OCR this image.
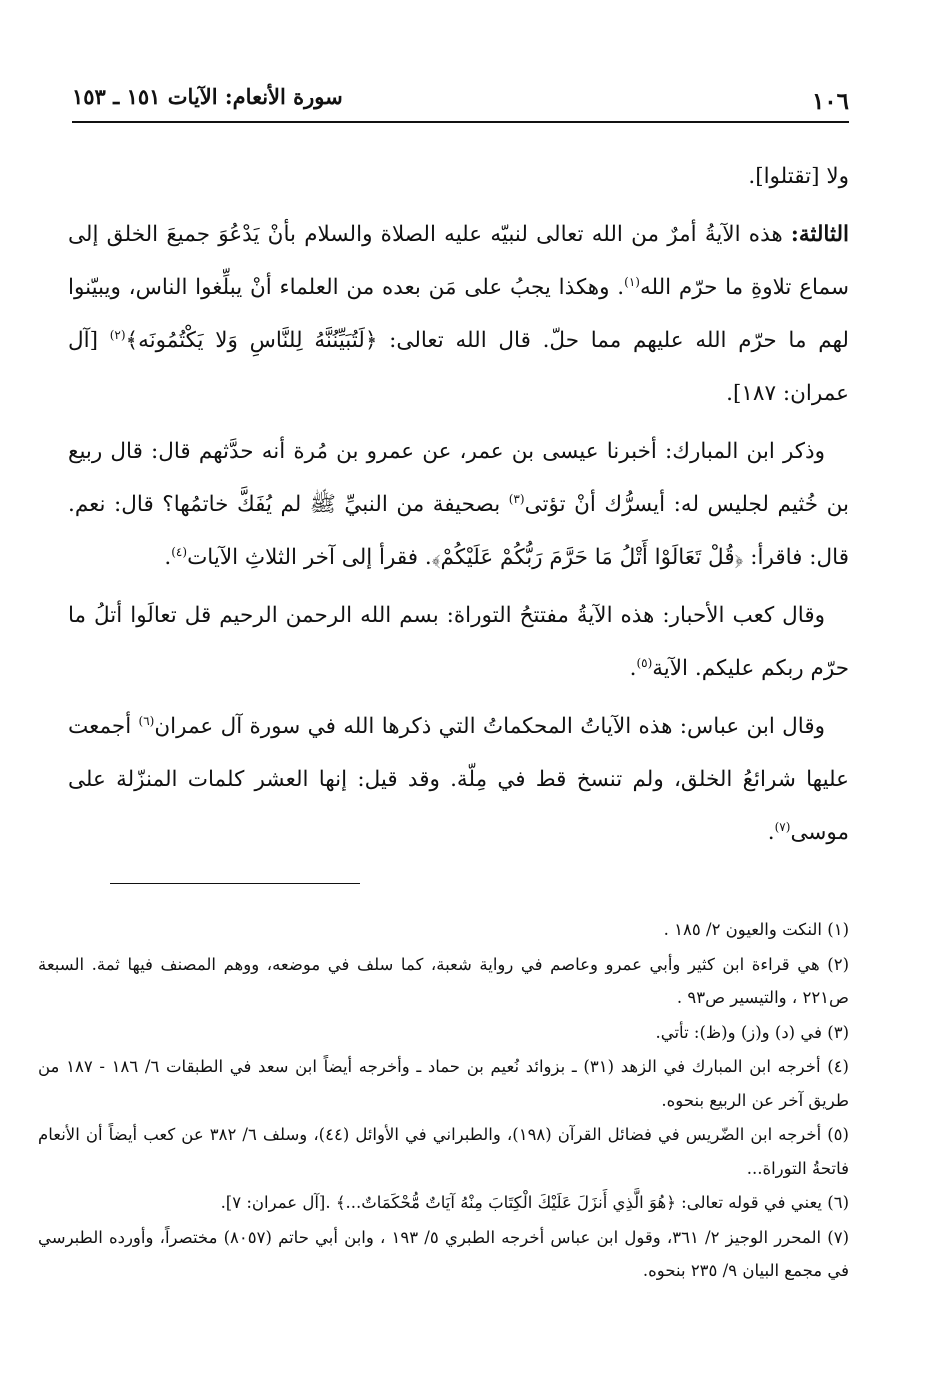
١٠٦
سورة الأنعام: الآيات ١٥١ ـ ١٥٣

ولا [تقتلوا].

الثالثة: هذه الآيةُ أمرٌ من الله تعالى لنبيّه عليه الصلاة والسلام بأنْ يَدْعُوَ جميعَ الخلق إلى سماع تلاوةِ ما حرّم الله$^{(١)}$. وهكذا يجبُ على مَن بعده من العلماء أنْ يبلِّغوا الناس، ويبيّنوا لهم ما حرّم الله عليهم مما حلّ. قال الله تعالى: ﴿لَتُبَيِّنُنَّهُ لِلنَّاسِ وَلا يَكْتُمُونَه﴾$^{(٢)}$ [آل عمران: ١٨٧].

وذكر ابن المبارك: أخبرنا عيسى بن عمر، عن عمرو بن مُرة أنه حدَّثهم قال: قال ربيع بن خُثيم لجليس له: أيسرُّك أنْ تؤتى$^{(٣)}$ بصحيفة من النبيِّ ﷺ لم يُفَكَّ خاتمُها؟ قال: نعم. قال: فاقرأ: ﴿قُلْ تَعَالَوْا أَتْلُ مَا حَرَّمَ رَبُّكُمْ عَلَيْكُمْ﴾. فقرأ إلى آخر الثلاثِ الآيات$^{(٤)}$.

وقال كعب الأحبار: هذه الآيةُ مفتتحُ التوراة: بسم الله الرحمن الرحيم قل تعالَوا أتلُ ما حرّم ربكم عليكم. الآية$^{(٥)}$.

وقال ابن عباس: هذه الآياتُ المحكماتُ التي ذكرها الله في سورة آل عمران$^{(٦)}$ أجمعت عليها شرائعُ الخلق، ولم تنسخ قط في مِلّة. وقد قيل: إنها العشر كلمات المنزّلة على موسى$^{(٧)}$.

(١) النكت والعيون ٢/ ١٨٥ .

(٢) هي قراءة ابن كثير وأبي عمرو وعاصم في رواية شعبة، كما سلف في موضعه، ووهم المصنف فيها ثمة. السبعة ص٢٢١ ، والتيسير ص٩٣ .

(٣) في (د) و(ز) و(ظ): تأتي.

(٤) أخرجه ابن المبارك في الزهد (٣١) ـ بزوائد نُعيم بن حماد ـ وأخرجه أيضاً ابن سعد في الطبقات ٦/ ١٨٦ - ١٨٧ من طريق آخر عن الربيع بنحوه.

(٥) أخرجه ابن الضّريس في فضائل القرآن (١٩٨)، والطبراني في الأوائل (٤٤)، وسلف ٦/ ٣٨٢ عن كعب أيضاً أن الأنعام فاتحةُ التوراة...

(٦) يعني في قوله تعالى: ﴿هُوَ الَّذِي أَنزَلَ عَلَيْكَ الْكِتَابَ مِنْهُ آيَاتٌ مُّحْكَمَاتٌ...﴾ .[آل عمران: ٧].

(٧) المحرر الوجيز ٢/ ٣٦١، وقول ابن عباس أخرجه الطبري ٥/ ١٩٣ ، وابن أبي حاتم (٨٠٥٧) مختصراً، وأورده الطبرسي في مجمع البيان ٩/ ٢٣٥ بنحوه.
